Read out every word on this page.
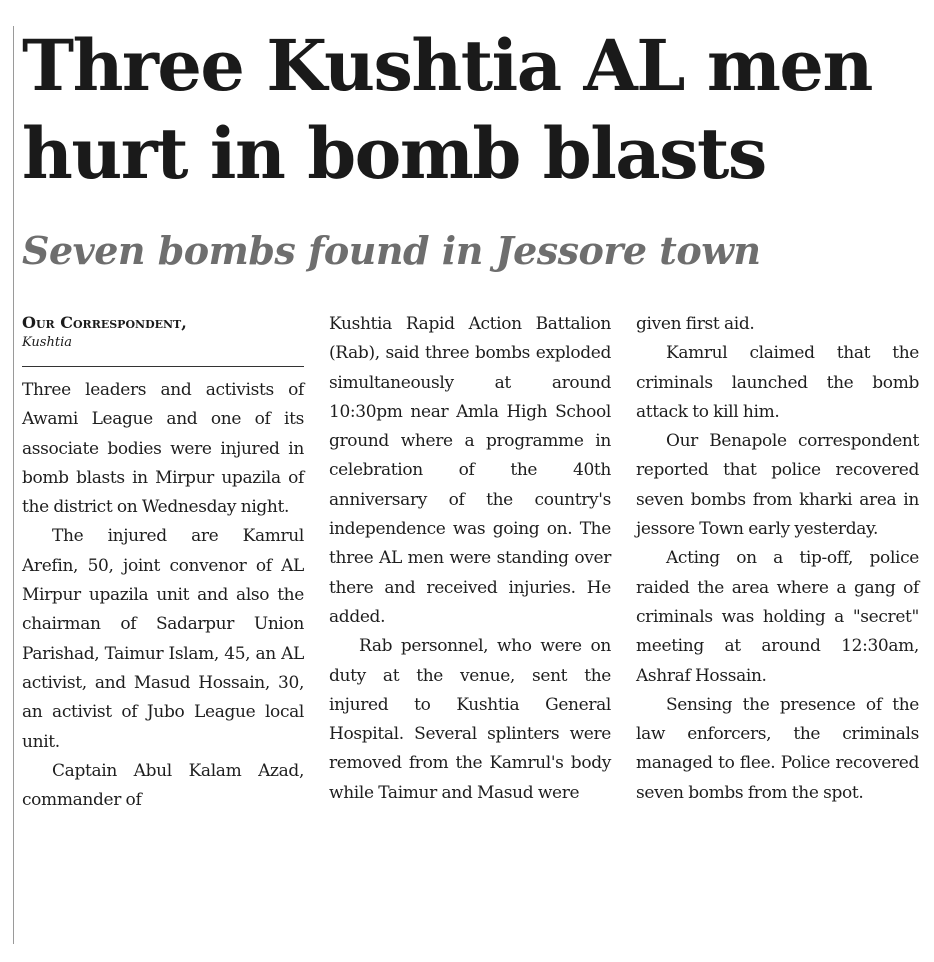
Three Kushtia AL men hurt in bomb blasts
Seven bombs found in Jessore town
Our Correspondent,
Kushtia

Three leaders and activists of Awami League and one of its associate bodies were injured in bomb blasts in Mirpur upazila of the district on Wednesday night.

The injured are Kamrul Arefin, 50, joint convenor of AL Mirpur upazila unit and also the chairman of Sadarpur Union Parishad, Taimur Islam, 45, an AL activist, and Masud Hossain, 30, an activist of Jubo League local unit.

Captain Abul Kalam Azad, commander of

Kushtia Rapid Action Battalion (Rab), said three bombs exploded simultaneously at around 10:30pm near Amla High School ground where a programme in celebration of the 40th anniversary of the country's independence was going on. The three AL men were standing over there and received injuries. He added.

Rab personnel, who were on duty at the venue, sent the injured to Kushtia General Hospital. Several splinters were removed from the Kamrul's body while Taimur and Masud were

given first aid.

Kamrul claimed that the criminals launched the bomb attack to kill him.

Our Benapole correspondent reported that police recovered seven bombs from kharki area in jessore Town early yesterday.

Acting on a tip-off, police raided the area where a gang of criminals was holding a "secret" meeting at around 12:30am, Ashraf Hossain.

Sensing the presence of the law enforcers, the criminals managed to flee. Police recovered seven bombs from the spot.
